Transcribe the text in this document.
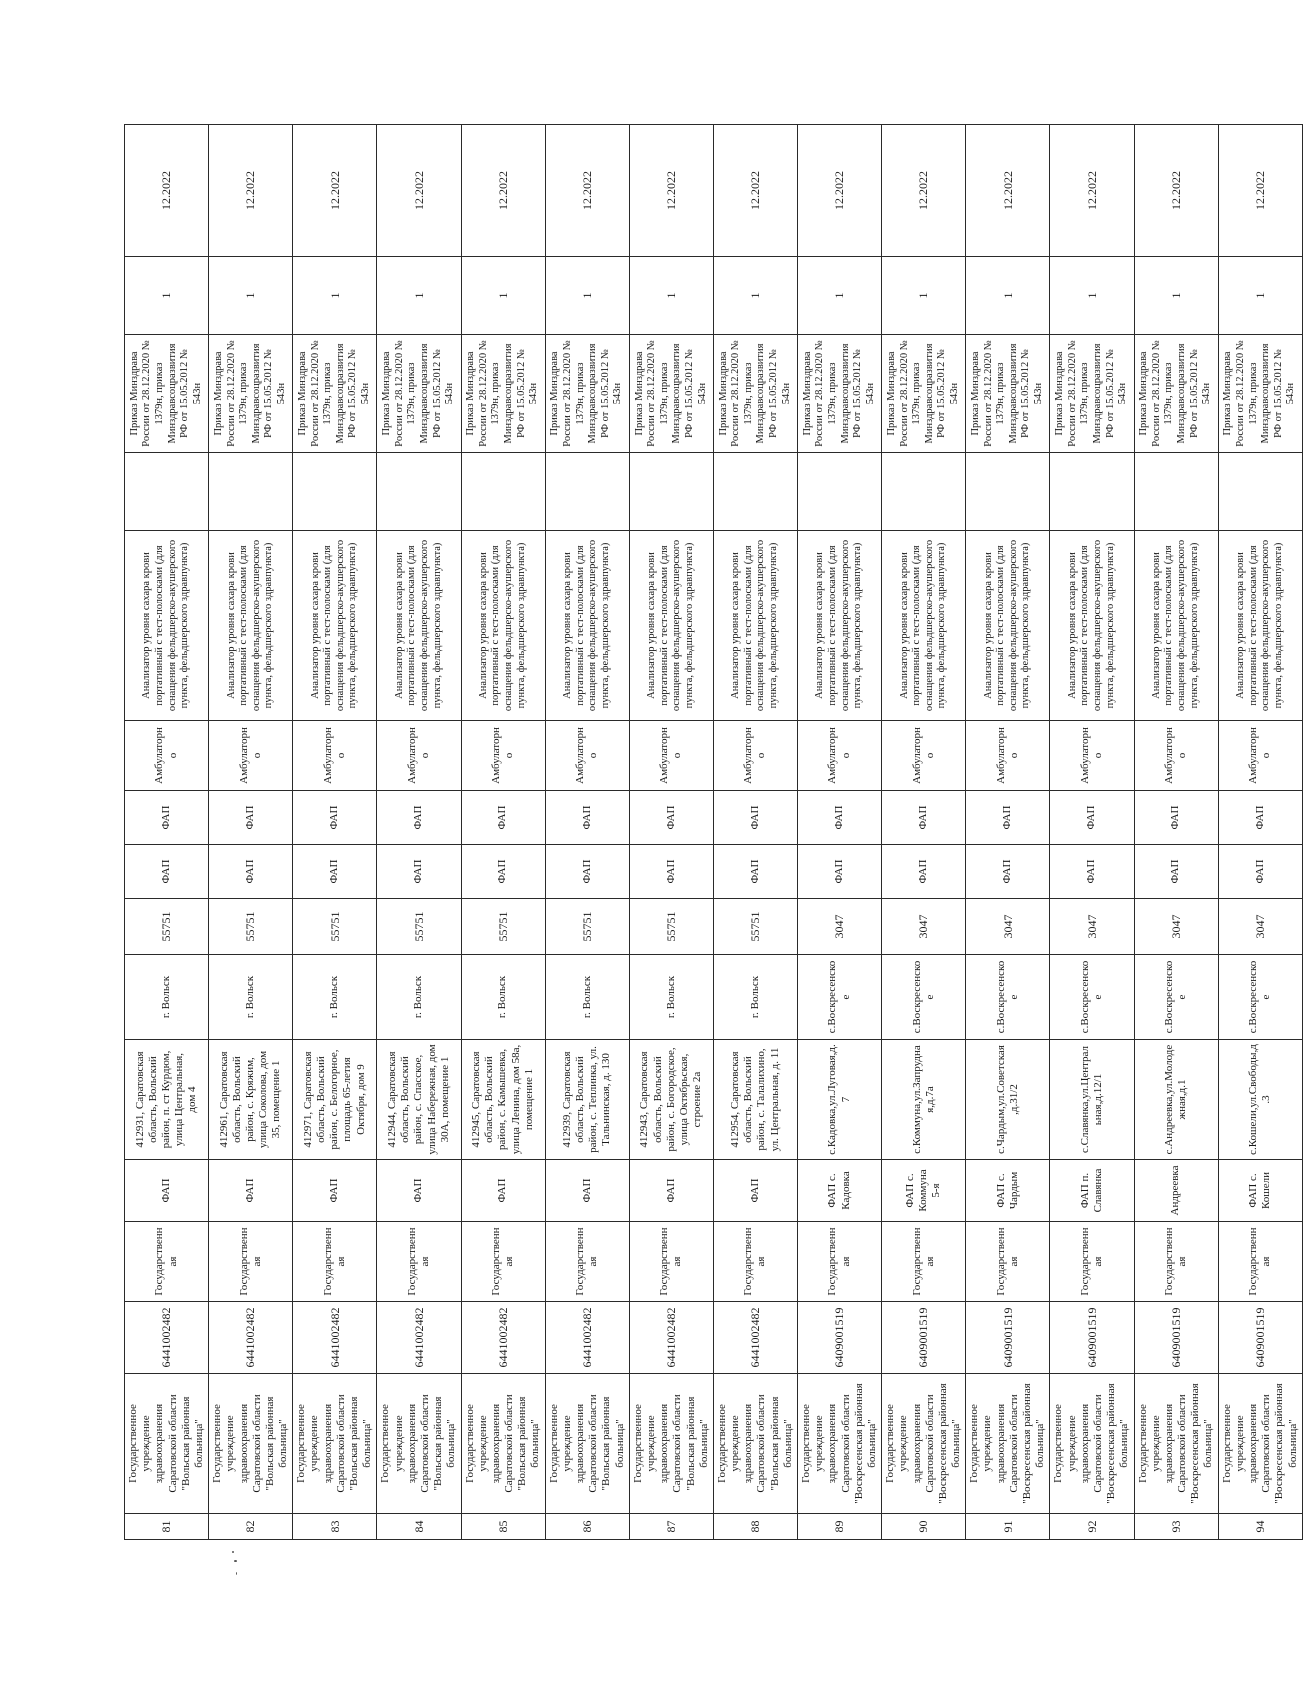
81	Государственное учреждение здравоохранения Саратовской области "Вольская районная больница"	6441002482	Государственная	ФАП	412931, Саратовская область, Вольский район, п. ст Курдюм, улица Центральная, дом 4	г. Вольск	55751	ФАП	ФАП	Амбулаторно	Анализатор уровня сахара крови портативный с тест-полосками (для оснащения фельдшерско-акушерского пункта, фельдшерского здравпункта)		Приказ Минздрава России от 28.12.2020 № 1379н, приказ Минздравсоцразвития РФ от 15.05.2012 № 543н	1	12.2022
82	Государственное учреждение здравоохранения Саратовской области "Вольская районная больница"	6441002482	Государственная	ФАП	412961, Саратовская область, Вольский район, с. Кряжим, улица Соколова, дом 35, помещение 1	г. Вольск	55751	ФАП	ФАП	Амбулаторно	Анализатор уровня сахара крови портативный с тест-полосками (для оснащения фельдшерско-акушерского пункта, фельдшерского здравпункта)		Приказ Минздрава России от 28.12.2020 № 1379н, приказ Минздравсоцразвития РФ от 15.05.2012 № 543н	1	12.2022
83	Государственное учреждение здравоохранения Саратовской области "Вольская районная больница"	6441002482	Государственная	ФАП	412971, Саратовская область, Вольский район, с. Белогорное, площадь 65-летия Октября, дом 9	г. Вольск	55751	ФАП	ФАП	Амбулаторно	Анализатор уровня сахара крови портативный с тест-полосками (для оснащения фельдшерско-акушерского пункта, фельдшерского здравпункта)		Приказ Минздрава России от 28.12.2020 № 1379н, приказ Минздравсоцразвития РФ от 15.05.2012 № 543н	1	12.2022
84	Государственное учреждение здравоохранения Саратовской области "Вольская районная больница"	6441002482	Государственная	ФАП	412944, Саратовская область, Вольский район, с. Спасское, улица Набережная, дом 30А, помещение 1	г. Вольск	55751	ФАП	ФАП	Амбулаторно	Анализатор уровня сахара крови портативный с тест-полосками (для оснащения фельдшерско-акушерского пункта, фельдшерского здравпункта)		Приказ Минздрава России от 28.12.2020 № 1379н, приказ Минздравсоцразвития РФ от 15.05.2012 № 543н	1	12.2022
85	Государственное учреждение здравоохранения Саратовской области "Вольская районная больница"	6441002482	Государственная	ФАП	412945, Саратовская область, Вольский район, с. Камышевка, улица Ленина, дом 58а, помещение 1	г. Вольск	55751	ФАП	ФАП	Амбулаторно	Анализатор уровня сахара крови портативный с тест-полосками (для оснащения фельдшерско-акушерского пункта, фельдшерского здравпункта)		Приказ Минздрава России от 28.12.2020 № 1379н, приказ Минздравсоцразвития РФ от 15.05.2012 № 543н	1	12.2022
86	Государственное учреждение здравоохранения Саратовской области "Вольская районная больница"	6441002482	Государственная	ФАП	412939, Саратовская область, Вольский район, с. Теплинка, ул. Тальнинская, д. 130	г. Вольск	55751	ФАП	ФАП	Амбулаторно	Анализатор уровня сахара крови портативный с тест-полосками (для оснащения фельдшерско-акушерского пункта, фельдшерского здравпункта)		Приказ Минздрава России от 28.12.2020 № 1379н, приказ Минздравсоцразвития РФ от 15.05.2012 № 543н	1	12.2022
87	Государственное учреждение здравоохранения Саратовской области "Вольская районная больница"	6441002482	Государственная	ФАП	412943, Саратовская область, Вольский район, с. Богородское, улица Октябрьская, строение 2а	г. Вольск	55751	ФАП	ФАП	Амбулаторно	Анализатор уровня сахара крови портативный с тест-полосками (для оснащения фельдшерско-акушерского пункта, фельдшерского здравпункта)		Приказ Минздрава России от 28.12.2020 № 1379н, приказ Минздравсоцразвития РФ от 15.05.2012 № 543н	1	12.2022
88	Государственное учреждение здравоохранения Саратовской области "Вольская районная больница"	6441002482	Государственная	ФАП	412954, Саратовская область, Вольский район, с. Талалихино, ул. Центральная, д. 11	г. Вольск	55751	ФАП	ФАП	Амбулаторно	Анализатор уровня сахара крови портативный с тест-полосками (для оснащения фельдшерско-акушерского пункта, фельдшерского здравпункта)		Приказ Минздрава России от 28.12.2020 № 1379н, приказ Минздравсоцразвития РФ от 15.05.2012 № 543н	1	12.2022
89	Государственное учреждение здравоохранения Саратовской области "Воскресенская районная больница"	6409001519	Государственная	ФАП с. Кадовка	с.Кадовка,ул.Луговая,д.7	с.Воскресенское	3047	ФАП	ФАП	Амбулаторно	Анализатор уровня сахара крови портативный с тест-полосками (для оснащения фельдшерско-акушерского пункта, фельдшерского здравпункта)		Приказ Минздрава России от 28.12.2020 № 1379н, приказ Минздравсоцразвития РФ от 15.05.2012 № 543н	1	12.2022
90	Государственное учреждение здравоохранения Саратовской области "Воскресенская районная больница"	6409001519	Государственная	ФАП с. Коммуна 5-я	с.Коммуна,ул.Запрудная,д.7а	с.Воскресенское	3047	ФАП	ФАП	Амбулаторно	Анализатор уровня сахара крови портативный с тест-полосками (для оснащения фельдшерско-акушерского пункта, фельдшерского здравпункта)		Приказ Минздрава России от 28.12.2020 № 1379н, приказ Минздравсоцразвития РФ от 15.05.2012 № 543н	1	12.2022
91	Государственное учреждение здравоохранения Саратовской области "Воскресенская районная больница"	6409001519	Государственная	ФАП с. Чардым	с.Чардым,ул.Советская,д.31/2	с.Воскресенское	3047	ФАП	ФАП	Амбулаторно	Анализатор уровня сахара крови портативный с тест-полосками (для оснащения фельдшерско-акушерского пункта, фельдшерского здравпункта)		Приказ Минздрава России от 28.12.2020 № 1379н, приказ Минздравсоцразвития РФ от 15.05.2012 № 543н	1	12.2022
92	Государственное учреждение здравоохранения Саратовской области "Воскресенская районная больница"	6409001519	Государственная	ФАП п. Славянка	с.Славянка,ул.Центральная,д.12/1	с.Воскресенское	3047	ФАП	ФАП	Амбулаторно	Анализатор уровня сахара крови портативный с тест-полосками (для оснащения фельдшерско-акушерского пункта, фельдшерского здравпункта)		Приказ Минздрава России от 28.12.2020 № 1379н, приказ Минздравсоцразвития РФ от 15.05.2012 № 543н	1	12.2022
93	Государственное учреждение здравоохранения Саратовской области "Воскресенская районная больница"	6409001519	Государственная	Андреевка	с.Андреевка,ул.Молодежная,д.1	с.Воскресенское	3047	ФАП	ФАП	Амбулаторно	Анализатор уровня сахара крови портативный с тест-полосками (для оснащения фельдшерско-акушерского пункта, фельдшерского здравпункта)		Приказ Минздрава России от 28.12.2020 № 1379н, приказ Минздравсоцразвития РФ от 15.05.2012 № 543н	1	12.2022
94	Государственное учреждение здравоохранения Саратовской области "Воскресенская районная больница"	6409001519	Государственная	ФАП с. Кошели	с.Кошели,ул.Свободы,д.3	с.Воскресенское	3047	ФАП	ФАП	Амбулаторно	Анализатор уровня сахара крови портативный с тест-полосками (для оснащения фельдшерско-акушерского пункта, фельдшерского здравпункта)		Приказ Минздрава России от 28.12.2020 № 1379н, приказ Минздравсоцразвития РФ от 15.05.2012 № 543н	1	12.2022
